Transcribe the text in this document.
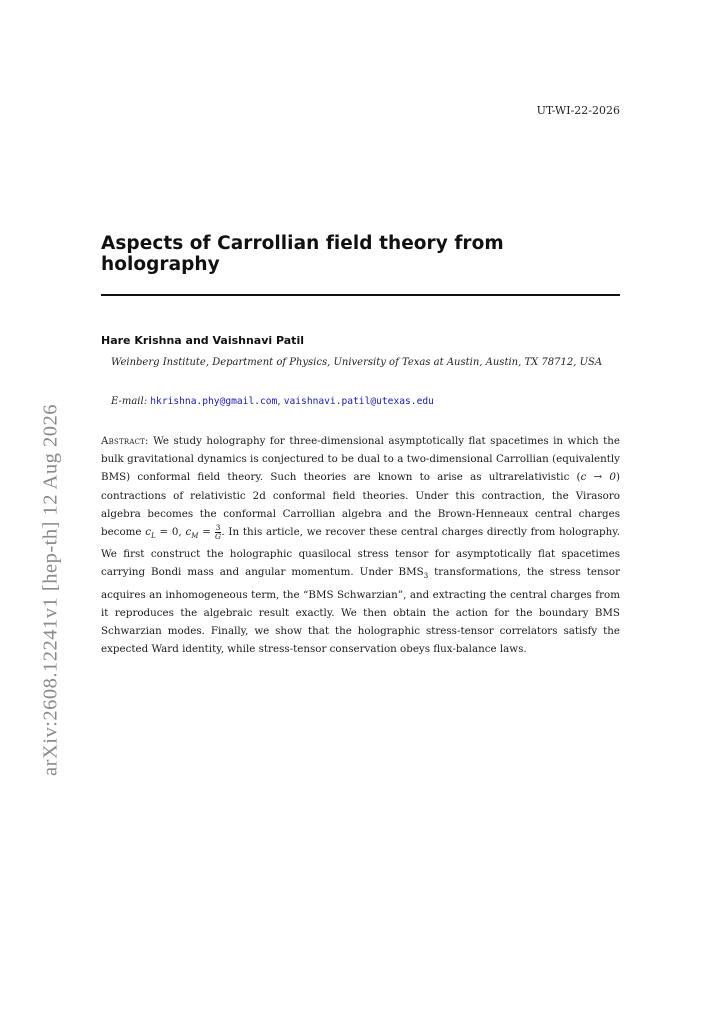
UT-WI-22-2026
Aspects of Carrollian field theory from holography
Hare Krishna and Vaishnavi Patil
Weinberg Institute, Department of Physics, University of Texas at Austin, Austin, TX 78712, USA
E-mail: hkrishna.phy@gmail.com, vaishnavi.patil@utexas.edu
Abstract: We study holography for three-dimensional asymptotically flat spacetimes in which the bulk gravitational dynamics is conjectured to be dual to a two-dimensional Carrollian (equivalently BMS) conformal field theory. Such theories are known to arise as ultrarelativistic (c → 0) contractions of relativistic 2d conformal field theories. Under this contraction, the Virasoro algebra becomes the conformal Carrollian algebra and the Brown-Henneaux central charges become $c_L = 0$, $c_M = \frac{3}{G}$ . In this article, we recover these central charges directly from holography. We first construct the holographic quasilocal stress tensor for asymptotically flat spacetimes carrying Bondi mass and angular momentum. Under $BMS_3$ transformations, the stress tensor acquires an inhomogeneous term, the “BMS Schwarzian”, and extracting the central charges from it reproduces the algebraic result exactly. We then obtain the action for the boundary BMS Schwarzian modes. Finally, we show that the holographic stress-tensor correlators satisfy the expected Ward identity, while stress-tensor conservation obeys flux-balance laws.
arXiv:2608.12241v1 [hep-th] 12 Aug 2026
